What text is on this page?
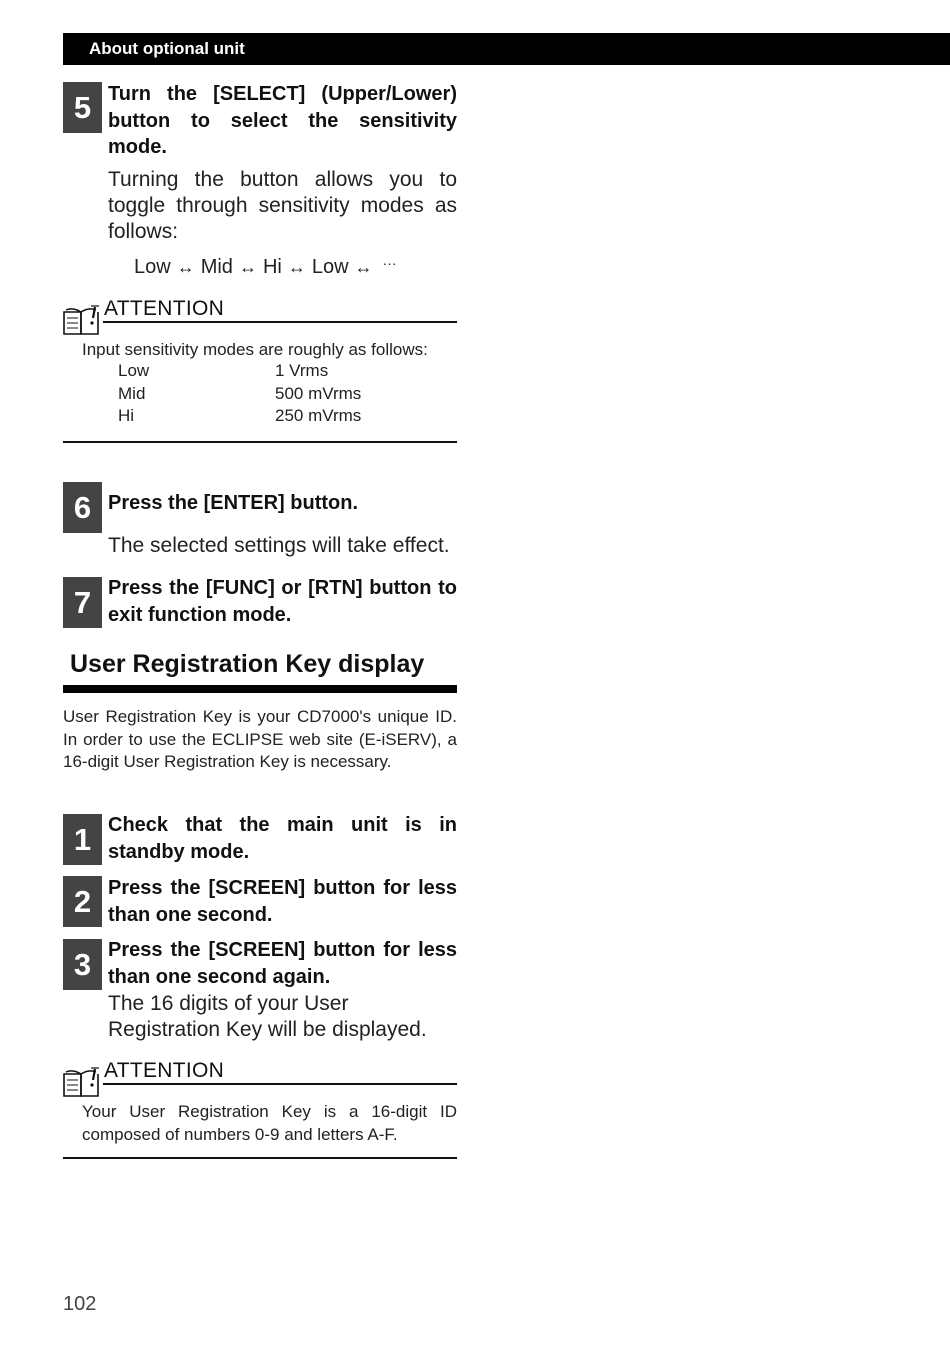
About optional unit
5 Turn the [SELECT] (Upper/Lower) button to select the sensitivity mode.
Turning the button allows you to toggle through sensitivity modes as follows:
Low ↔ Mid ↔ Hi ↔ Low ↔ ···
ATTENTION
Input sensitivity modes are roughly as follows:
Low	1 Vrms
Mid	500 mVrms
Hi	250 mVrms
6 Press the [ENTER] button.
The selected settings will take effect.
7 Press the [FUNC] or [RTN] button to exit function mode.
User Registration Key display
User Registration Key is your CD7000's unique ID. In order to use the ECLIPSE web site (E-iSERV), a 16-digit User Registration Key is necessary.
1 Check that the main unit is in standby mode.
2 Press the [SCREEN] button for less than one second.
3 Press the [SCREEN] button for less than one second again.
The 16 digits of your User Registration Key will be displayed.
ATTENTION
Your User Registration Key is a 16-digit ID composed of numbers 0-9 and letters A-F.
102
